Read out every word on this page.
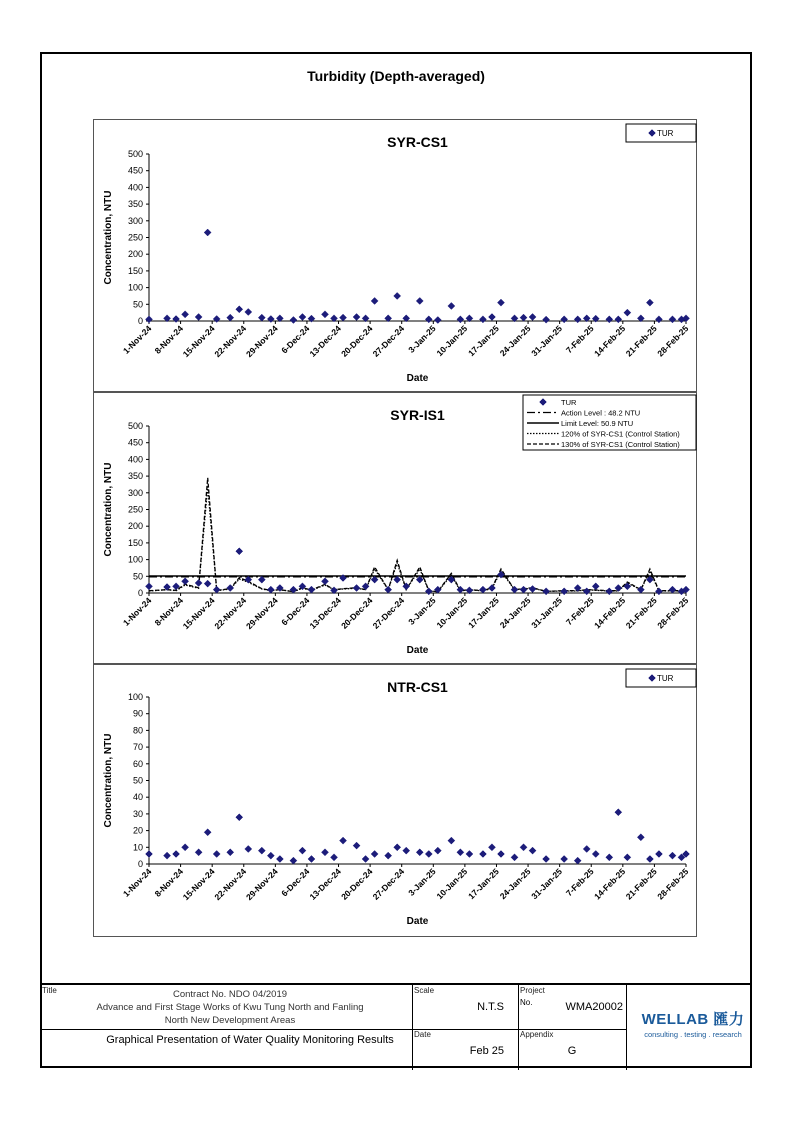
Turbidity (Depth-averaged)
SYR-CS1
0
50
100
150
200
250
300
350
400
450
500
1-Nov-24 8-Nov-24
15-Nov-24
22-Nov-24
29-Nov-24 6-Dec-24
13-Dec-24
20-Dec-24
27-Dec-24 3-Jan-25
10-Jan-25
17-Jan-25
24-Jan-25
31-Jan-25 7-Feb-25
14-Feb-25
21-Feb-25
28-Feb-25
Date
Concentration, NTU
TUR
SYR-IS1
0
50
100
150
200
250
300
350
400
450
500
1-Nov-24 8-Nov-24
15-Nov-24
22-Nov-24
29-Nov-24 6-Dec-24
13-Dec-24
20-Dec-24
27-Dec-24 3-Jan-25
10-Jan-25
17-Jan-25
24-Jan-25
31-Jan-25 7-Feb-25
14-Feb-25
21-Feb-25
28-Feb-25
Date
Concentration, NTU
TUR
Action Level : 48.2 NTU
Limit Level: 50.9 NTU
120% of SYR-CS1 (Control Station)
130% of SYR-CS1 (Control Station)
NTR-CS1
0
10
20
30
40
50
60
70
80
90
100
1-Nov-24 8-Nov-24
15-Nov-24
22-Nov-24
29-Nov-24 6-Dec-24
13-Dec-24
20-Dec-24
27-Dec-24 3-Jan-25
10-Jan-25
17-Jan-25
24-Jan-25
31-Jan-25 7-Feb-25
14-Feb-25
21-Feb-25
28-Feb-25
Date
Concentration, NTU
TUR
Title	Contract No. NDO 04/2019
Advance and First Stage Works of Kwu Tung North and Fanling
North New Development Areas
Graphical Presentation of Water Quality Monitoring Results
Scale
N.T.S
Date
Feb 25
Project
No.	WMA20002
Appendix
G
WELLAB 匯力
consulting . testing . research
